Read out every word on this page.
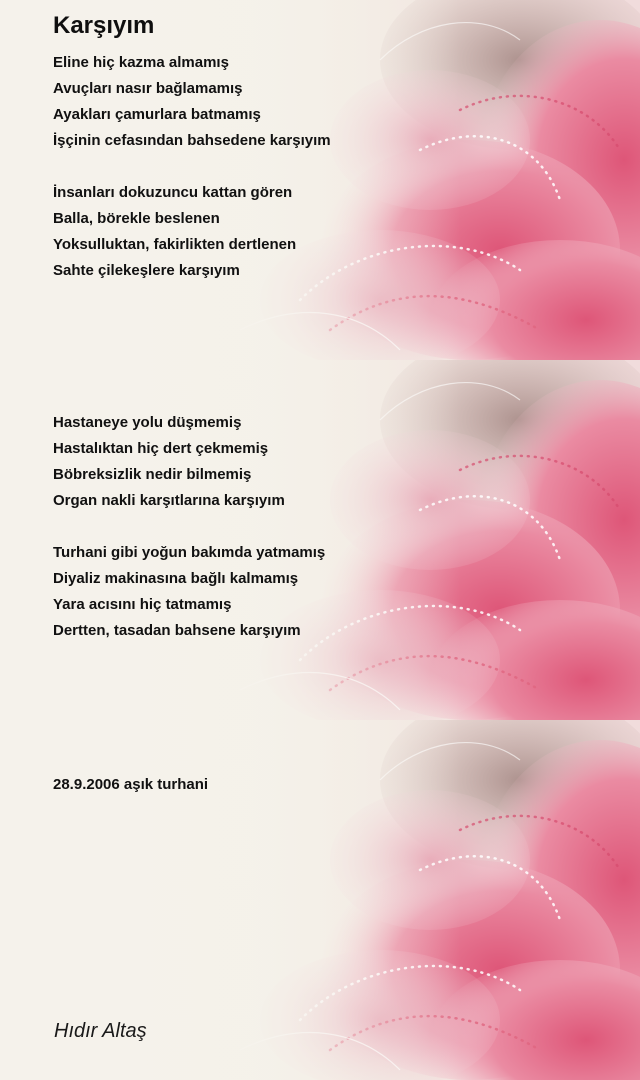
Karşıyım
Eline hiç kazma almamış
Avuçları nasır bağlamamış
Ayakları çamurlara batmamış
İşçinin cefasından bahsedene karşıyım
İnsanları dokuzuncu kattan gören
Balla, börekle beslenen
Yoksulluktan, fakirlikten dertlenen
Sahte çilekeşlere karşıyım
Hastaneye yolu düşmemiş
Hastalıktan hiç dert çekmemiş
Böbreksizlik nedir bilmemiş
Organ nakli karşıtlarına karşıyım
Turhani gibi yoğun bakımda yatmamış
Diyaliz makinasına bağlı kalmamış
Yara acısını hiç tatmamış
Dertten, tasadan bahsene karşıyım
28.9.2006 aşık turhani
Hıdır Altaş
